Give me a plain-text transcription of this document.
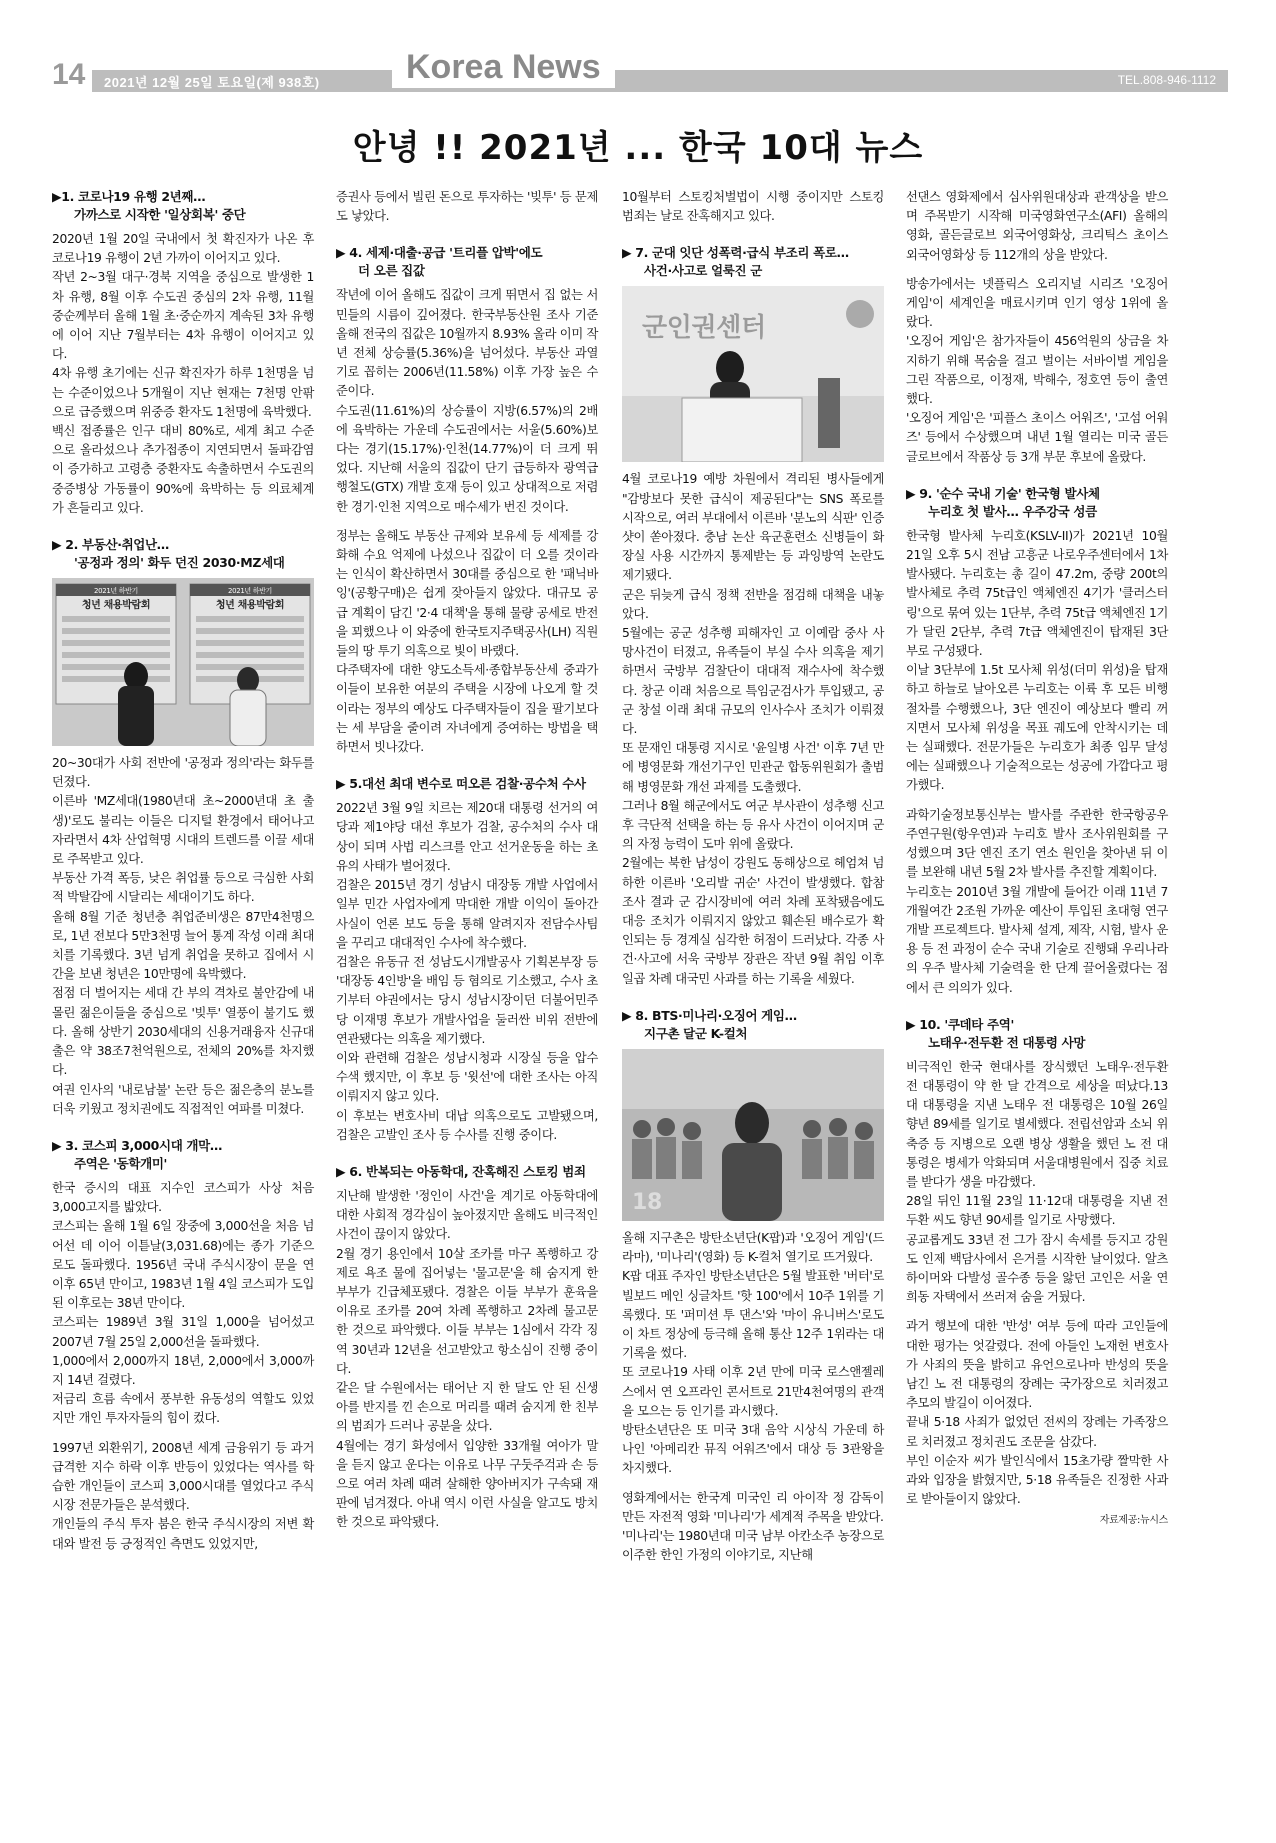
14 2021년 12월 25일 토요일(제 938호)	TEL.808-946-1112
Korea News
안녕 !! 2021년 ... 한국 10대 뉴스
▶1. 코로나19 유행 2년째…
가까스로 시작한 '일상회복' 중단

2020년 1월 20일 국내에서 첫 확진자가 나온 후 코로나19 유행이 2년 가까이 이어지고 있다.

작년 2~3월 대구·경북 지역을 중심으로 발생한 1차 유행, 8월 이후 수도권 중심의 2차 유행, 11월 중순께부터 올해 1월 초·중순까지 계속된 3차 유행에 이어 지난 7월부터는 4차 유행이 이어지고 있다.

4차 유행 초기에는 신규 확진자가 하루 1천명을 넘는 수준이었으나 5개월이 지난 현재는 7천명 안팎으로 급증했으며 위중증 환자도 1천명에 육박했다.

백신 접종률은 인구 대비 80%로, 세계 최고 수준으로 올라섰으나 추가접종이 지연되면서 돌파감염이 증가하고 고령층 중환자도 속출하면서 수도권의 중증병상 가동률이 90%에 육박하는 등 의료체계가 흔들리고 있다.

▶ 2. 부동산·취업난…
'공정과 정의' 화두 던진 2030·MZ세대
2021년 하반기	2021년 하반기
청년 채용박람회	청년 채용박람회

20~30대가 사회 전반에 '공정과 정의'라는 화두를 던졌다.

이른바 'MZ세대(1980년대 초~2000년대 초 출생)'로도 불리는 이들은 디지털 환경에서 태어나고 자라면서 4차 산업혁명 시대의 트렌드를 이끌 세대로 주목받고 있다.

부동산 가격 폭등, 낮은 취업률 등으로 극심한 사회적 박탈감에 시달리는 세대이기도 하다.

올해 8월 기준 청년층 취업준비생은 87만4천명으로, 1년 전보다 5만3천명 늘어 통계 작성 이래 최대치를 기록했다. 3년 넘게 취업을 못하고 집에서 시간을 보낸 청년은 10만명에 육박했다.

점점 더 벌어지는 세대 간 부의 격차로 불안감에 내몰린 젊은이들을 중심으로 '빚투' 열풍이 불기도 했다. 올해 상반기 2030세대의 신용거래융자 신규대출은 약 38조7천억원으로, 전체의 20%를 차지했다.

여권 인사의 '내로남불' 논란 등은 젊은층의 분노를 더욱 키웠고 정치권에도 직접적인 여파를 미쳤다.

▶ 3. 코스피 3,000시대 개막…
주역은 '동학개미'

한국 증시의 대표 지수인 코스피가 사상 처음 3,000고지를 밟았다.

코스피는 올해 1월 6일 장중에 3,000선을 처음 넘어선 데 이어 이튿날(3,031.68)에는 종가 기준으로도 돌파했다. 1956년 국내 주식시장이 문을 연 이후 65년 만이고, 1983년 1월 4일 코스피가 도입된 이후로는 38년 만이다.

코스피는 1989년 3월 31일 1,000을 넘어섰고 2007년 7월 25일 2,000선을 돌파했다.

1,000에서 2,000까지 18년, 2,000에서 3,000까지 14년 걸렸다.

저금리 흐름 속에서 풍부한 유동성의 역할도 있었지만 개인 투자자들의 힘이 컸다.

1997년 외환위기, 2008년 세계 금융위기 등 과거 급격한 지수 하락 이후 반등이 있었다는 역사를 학습한 개인들이 코스피 3,000시대를 열었다고 주식시장 전문가들은 분석했다.

개인들의 주식 투자 붐은 한국 주식시장의 저변 확대와 발전 등 긍정적인 측면도 있었지만,

증권사 등에서 빌린 돈으로 투자하는 '빚투' 등 문제도 낳았다.

▶ 4. 세제·대출·공급 '트리플 압박'에도
더 오른 집값

작년에 이어 올해도 집값이 크게 뛰면서 집 없는 서민들의 시름이 깊어졌다. 한국부동산원 조사 기준 올해 전국의 집값은 10월까지 8.93% 올라 이미 작년 전체 상승률(5.36%)을 넘어섰다. 부동산 과열기로 꼽히는 2006년(11.58%) 이후 가장 높은 수준이다.

수도권(11.61%)의 상승률이 지방(6.57%)의 2배에 육박하는 가운데 수도권에서는 서울(5.60%)보다는 경기(15.17%)·인천(14.77%)이 더 크게 뛰었다. 지난해 서울의 집값이 단기 급등하자 광역급행철도(GTX) 개발 호재 등이 있고 상대적으로 저렴한 경기·인천 지역으로 매수세가 번진 것이다.

정부는 올해도 부동산 규제와 보유세 등 세제를 강화해 수요 억제에 나섰으나 집값이 더 오를 것이라는 인식이 확산하면서 30대를 중심으로 한 '패닉바잉'(공황구매)은 쉽게 잦아들지 않았다. 대규모 공급 계획이 담긴 '2·4 대책'을 통해 물량 공세로 반전을 꾀했으나 이 와중에 한국토지주택공사(LH) 직원들의 땅 투기 의혹으로 빛이 바랬다.

다주택자에 대한 양도소득세·종합부동산세 중과가 이들이 보유한 여분의 주택을 시장에 나오게 할 것이라는 정부의 예상도 다주택자들이 집을 팔기보다는 세 부담을 줄이려 자녀에게 증여하는 방법을 택하면서 빗나갔다.

▶ 5.대선 최대 변수로 떠오른 검찰·공수처 수사

2022년 3월 9일 치르는 제20대 대통령 선거의 여당과 제1야당 대선 후보가 검찰, 공수처의 수사 대상이 되며 사법 리스크를 안고 선거운동을 하는 초유의 사태가 벌어졌다.

검찰은 2015년 경기 성남시 대장동 개발 사업에서 일부 민간 사업자에게 막대한 개발 이익이 돌아간 사실이 언론 보도 등을 통해 알려지자 전담수사팀을 꾸리고 대대적인 수사에 착수했다.

검찰은 유동규 전 성남도시개발공사 기획본부장 등 '대장동 4인방'을 배임 등 혐의로 기소했고, 수사 초기부터 야권에서는 당시 성남시장이던 더불어민주당 이재명 후보가 개발사업을 둘러싼 비위 전반에 연관됐다는 의혹을 제기했다.

이와 관련해 검찰은 성남시청과 시장실 등을 압수수색 했지만, 이 후보 등 '윗선'에 대한 조사는 아직 이뤄지지 않고 있다.

이 후보는 변호사비 대납 의혹으로도 고발됐으며, 검찰은 고발인 조사 등 수사를 진행 중이다.

▶ 6. 반복되는 아동학대, 잔혹해진 스토킹 범죄

지난해 발생한 '정인이 사건'을 계기로 아동학대에 대한 사회적 경각심이 높아졌지만 올해도 비극적인 사건이 끊이지 않았다.

2월 경기 용인에서 10살 조카를 마구 폭행하고 강제로 욕조 물에 집어넣는 '물고문'을 해 숨지게 한 부부가 긴급체포됐다. 경찰은 이들 부부가 훈육을 이유로 조카를 20여 차례 폭행하고 2차례 물고문한 것으로 파악했다. 이들 부부는 1심에서 각각 징역 30년과 12년을 선고받았고 항소심이 진행 중이다.

같은 달 수원에서는 태어난 지 한 달도 안 된 신생아를 반지를 낀 손으로 머리를 때려 숨지게 한 친부의 범죄가 드러나 공분을 샀다.

4월에는 경기 화성에서 입양한 33개월 여아가 말을 듣지 않고 운다는 이유로 나무 구둣주걱과 손 등으로 여러 차례 때려 살해한 양아버지가 구속돼 재판에 넘겨졌다. 아내 역시 이런 사실을 알고도 방치한 것으로 파악됐다.

10월부터 스토킹처벌법이 시행 중이지만 스토킹 범죄는 날로 잔혹해지고 있다.

▶ 7. 군대 잇단 성폭력·급식 부조리 폭로…
사건·사고로 얼룩진 군
군인권센터

4월 코로나19 예방 차원에서 격리된 병사들에게 "감방보다 못한 급식이 제공된다"는 SNS 폭로를 시작으로, 여러 부대에서 이른바 '분노의 식판' 인증샷이 쏟아졌다. 충남 논산 육군훈련소 신병들이 화장실 사용 시간까지 통제받는 등 과잉방역 논란도 제기됐다.

군은 뒤늦게 급식 정책 전반을 점검해 대책을 내놓았다.

5월에는 공군 성추행 피해자인 고 이예람 중사 사망사건이 터졌고, 유족들이 부실 수사 의혹을 제기하면서 국방부 검찰단이 대대적 재수사에 착수했다. 창군 이래 처음으로 특임군검사가 투입됐고, 공군 창설 이래 최대 규모의 인사수사 조치가 이뤄졌다.

또 문재인 대통령 지시로 '윤일병 사건' 이후 7년 만에 병영문화 개선기구인 민관군 합동위원회가 출범해 병영문화 개선 과제를 도출했다.

그러나 8월 해군에서도 여군 부사관이 성추행 신고 후 극단적 선택을 하는 등 유사 사건이 이어지며 군의 자정 능력이 도마 위에 올랐다.

2월에는 북한 남성이 강원도 동해상으로 헤엄쳐 넘하한 이른바 '오리발 귀순' 사건이 발생했다. 합참 조사 결과 군 감시장비에 여러 차례 포착됐음에도 대응 조치가 이뤄지지 않았고 훼손된 배수로가 확인되는 등 경계실 심각한 허점이 드러났다. 각종 사건·사고에 서욱 국방부 장관은 작년 9월 취임 이후 일곱 차례 대국민 사과를 하는 기록을 세웠다.

▶ 8. BTS·미나리·오징어 게임…
지구촌 달군 K-컬처
18

올해 지구촌은 방탄소년단(K팝)과 '오징어 게임'(드라마), '미나리'(영화) 등 K-컬처 열기로 뜨거웠다.

K팝 대표 주자인 방탄소년단은 5월 발표한 '버터'로 빌보드 메인 싱글차트 '핫 100'에서 10주 1위를 기록했다. 또 '퍼미션 투 댄스'와 '마이 유니버스'로도 이 차트 정상에 등극해 올해 통산 12주 1위라는 대기록을 썼다.

또 코로나19 사태 이후 2년 만에 미국 로스앤젤레스에서 연 오프라인 콘서트로 21만4천여명의 관객을 모으는 등 인기를 과시했다.

방탄소년단은 또 미국 3대 음악 시상식 가운데 하나인 '아메리칸 뮤직 어워즈'에서 대상 등 3관왕을 차지했다.

영화계에서는 한국계 미국인 리 아이작 정 감독이 만든 자전적 영화 '미나리'가 세계적 주목을 받았다.

'미나리'는 1980년대 미국 남부 아칸소주 농장으로 이주한 한인 가정의 이야기로, 지난해

선댄스 영화제에서 심사위원대상과 관객상을 받으며 주목받기 시작해 미국영화연구소(AFI) 올해의 영화, 골든글로브 외국어영화상, 크리틱스 초이스 외국어영화상 등 112개의 상을 받았다.

방송가에서는 넷플릭스 오리지널 시리즈 '오징어 게임'이 세계인을 매료시키며 인기 영상 1위에 올랐다.

'오징어 게임'은 참가자들이 456억원의 상금을 차지하기 위해 목숨을 걸고 벌이는 서바이벌 게임을 그린 작품으로, 이정재, 박해수, 정호연 등이 출연했다.

'오징어 게임'은 '피플스 초이스 어워즈', '고섬 어워즈' 등에서 수상했으며 내년 1월 열리는 미국 골든글로브에서 작품상 등 3개 부문 후보에 올랐다.

▶ 9. '순수 국내 기술' 한국형 발사체
누리호 첫 발사… 우주강국 성큼

한국형 발사체 누리호(KSLV-II)가 2021년 10월 21일 오후 5시 전남 고흥군 나로우주센터에서 1차 발사됐다. 누리호는 총 길이 47.2m, 중량 200t의 발사체로 추력 75t급인 액체엔진 4기가 '클러스터링'으로 묶여 있는 1단부, 추력 75t급 액체엔진 1기가 달린 2단부, 추력 7t급 액체엔진이 탑재된 3단부로 구성됐다.

이날 3단부에 1.5t 모사체 위성(더미 위성)을 탑재하고 하늘로 날아오른 누리호는 이륙 후 모든 비행 절차를 수행했으나, 3단 엔진이 예상보다 빨리 꺼지면서 모사체 위성을 목표 궤도에 안착시키는 데는 실패했다. 전문가들은 누리호가 최종 임무 달성에는 실패했으나 기술적으로는 성공에 가깝다고 평가했다.

과학기술정보통신부는 발사를 주관한 한국항공우주연구원(항우연)과 누리호 발사 조사위원회를 구성했으며 3단 엔진 조기 연소 원인을 찾아낸 뒤 이를 보완해 내년 5월 2차 발사를 추진할 계획이다.

누리호는 2010년 3월 개발에 들어간 이래 11년 7개월여간 2조원 가까운 예산이 투입된 초대형 연구개발 프로젝트다. 발사체 설계, 제작, 시험, 발사 운용 등 전 과정이 순수 국내 기술로 진행돼 우리나라의 우주 발사체 기술력을 한 단계 끌어올렸다는 점에서 큰 의의가 있다.

▶ 10. '쿠데타 주역'
노태우·전두환 전 대통령 사망

비극적인 한국 현대사를 장식했던 노태우·전두환 전 대통령이 약 한 달 간격으로 세상을 떠났다.13대 대통령을 지낸 노태우 전 대통령은 10월 26일 향년 89세를 일기로 별세했다. 전립선암과 소뇌 위축증 등 지병으로 오랜 병상 생활을 했던 노 전 대통령은 병세가 악화되며 서울대병원에서 집중 치료를 받다가 생을 마감했다.

28일 뒤인 11월 23일 11·12대 대통령을 지낸 전두환 씨도 향년 90세를 일기로 사망했다.

공교롭게도 33년 전 그가 잠시 속세를 등지고 강원도 인제 백담사에서 은거를 시작한 날이었다. 알츠하이머와 다발성 골수종 등을 앓던 고인은 서울 연희동 자택에서 쓰러져 숨을 거뒀다.

과거 행보에 대한 '반성' 여부 등에 따라 고인들에 대한 평가는 엇갈렸다. 전에 아들인 노재헌 변호사가 사죄의 뜻을 밝히고 유언으로나마 반성의 뜻을 남긴 노 전 대통령의 장례는 국가장으로 치러졌고 추모의 발길이 이어졌다.

끝내 5·18 사죄가 없었던 전씨의 장례는 가족장으로 치러졌고 정치권도 조문을 삼갔다.

부인 이순자 씨가 발인식에서 15초가량 짤막한 사과와 입장을 밝혔지만, 5·18 유족들은 진정한 사과로 받아들이지 않았다.

자료제공:뉴시스
